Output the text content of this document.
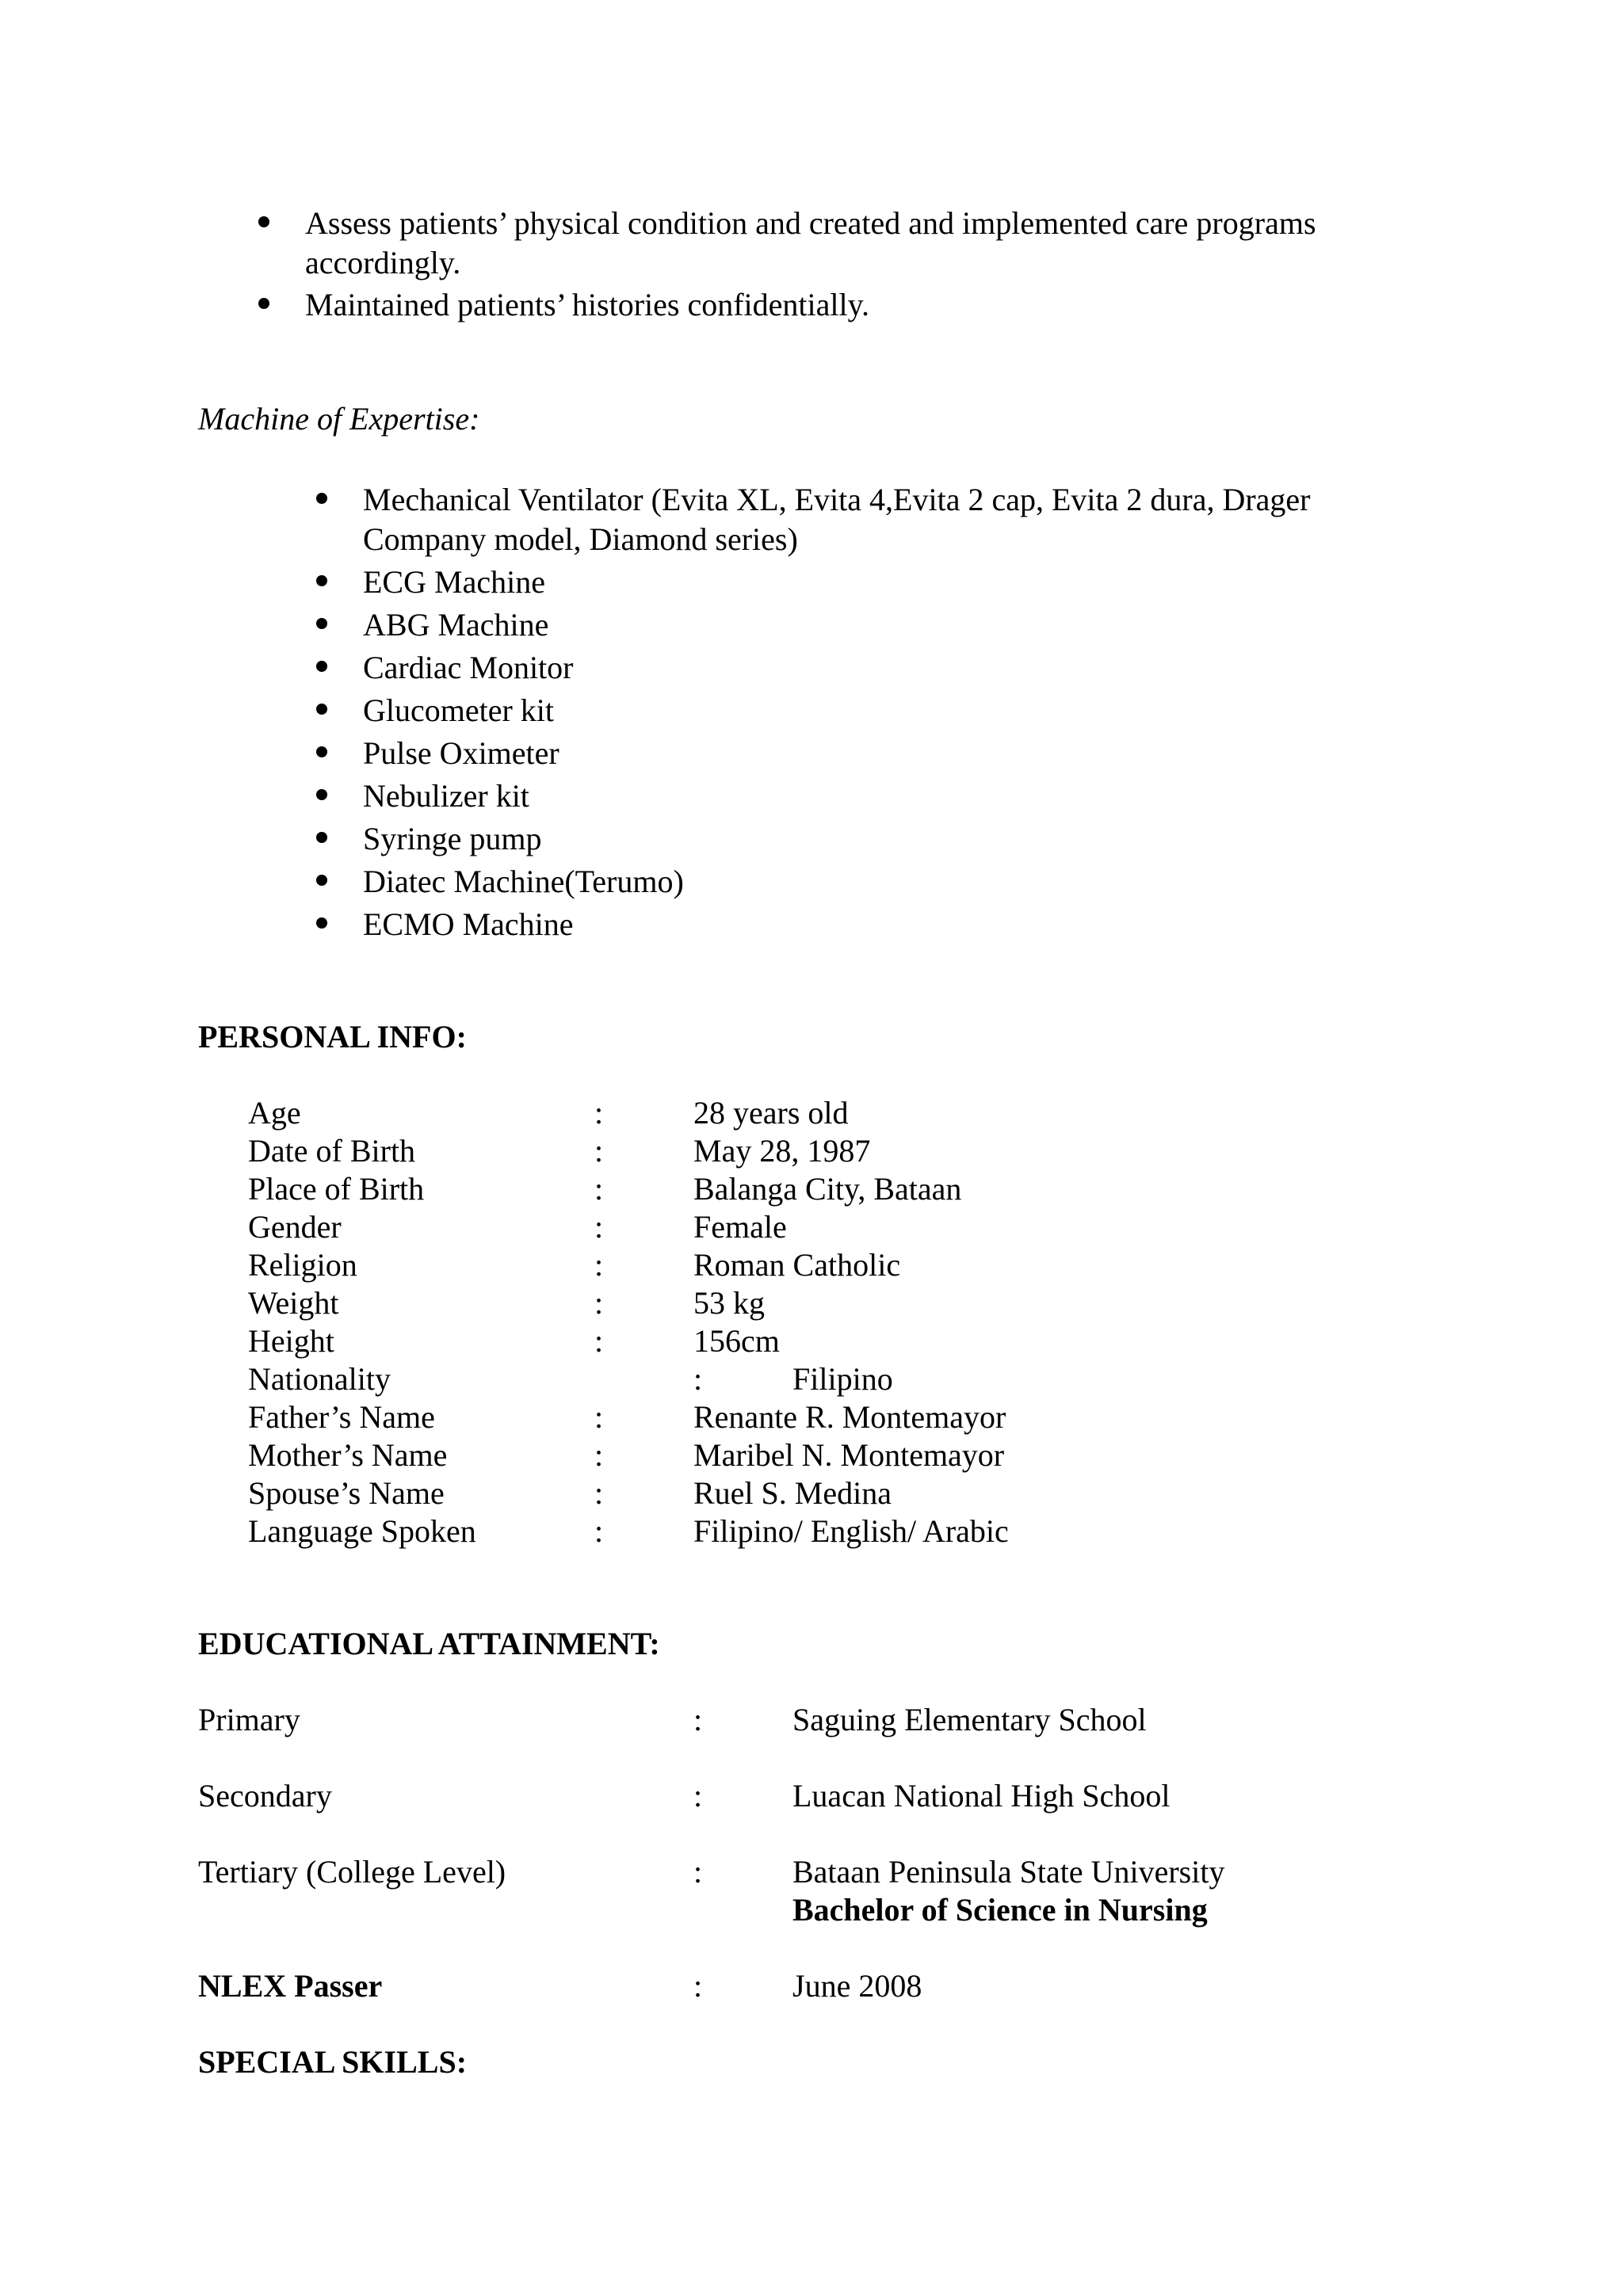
Assess patients’ physical condition and created and implemented care programs
accordingly.
Maintained patients’ histories confidentially.
Machine of Expertise:
Mechanical Ventilator (Evita XL, Evita 4,Evita 2 cap, Evita 2 dura, Drager
Company model, Diamond series)
ECG Machine
ABG Machine
Cardiac Monitor
Glucometer kit
Pulse Oximeter
Nebulizer kit
Syringe pump
Diatec Machine(Terumo)
ECMO Machine
PERSONAL INFO:
Age	:	28 years old
Date of Birth	:	May 28, 1987
Place of Birth	:	Balanga City, Bataan
Gender	:	Female
Religion	:	Roman Catholic
Weight	:	53 kg
Height	:	156cm
Nationality	:	Filipino
Father’s Name	:	Renante R. Montemayor
Mother’s Name	:	Maribel N. Montemayor
Spouse’s Name	:	Ruel S. Medina
Language Spoken	:	Filipino/ English/ Arabic
EDUCATIONAL ATTAINMENT:
Primary	:	Saguing Elementary School
Secondary	:	Luacan National High School
Tertiary (College Level)	:	Bataan Peninsula State University
Bachelor of Science in Nursing
NLEX Passer	:	June 2008
SPECIAL SKILLS:
